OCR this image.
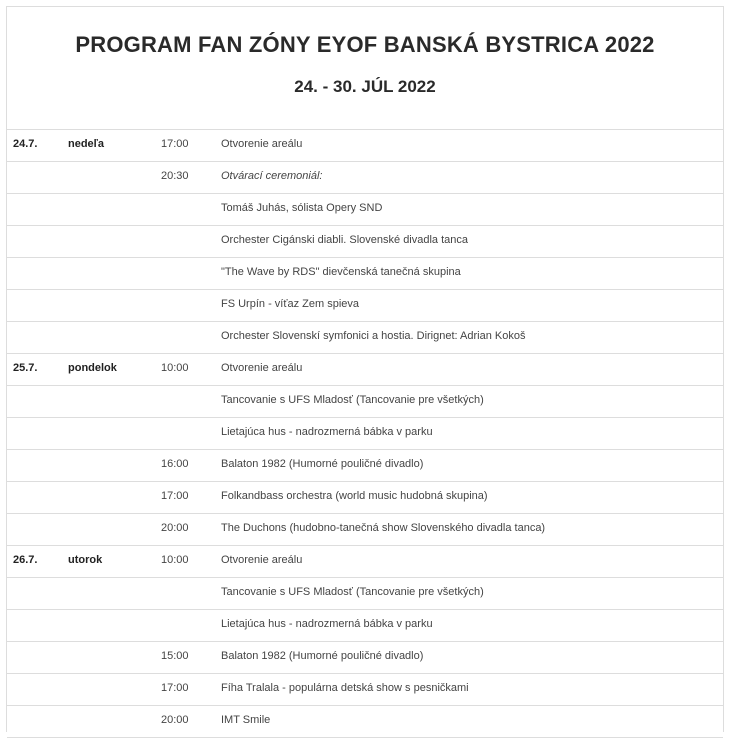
PROGRAM FAN ZÓNY EYOF BANSKÁ BYSTRICA 2022
24. - 30. JÚL 2022
24.7.	nedeľa	17:00	Otvorenie areálu
		20:30	Otvárací ceremoniál:
			Tomáš Juhás, sólista Opery SND
			Orchester Cigánski diabli. Slovenské divadla tanca
			"The Wave by RDS" dievčenská tanečná skupina
			FS Urpín - víťaz Zem spieva
			Orchester Slovenskí symfonici a hostia. Dirignet: Adrian Kokoš
25.7.	pondelok	10:00	Otvorenie areálu
			Tancovanie s UFS Mladosť (Tancovanie pre všetkých)
			Lietajúca hus - nadrozmerná bábka v parku
		16:00	Balaton 1982 (Humorné pouličné divadlo)
		17:00	Folkandbass orchestra (world music hudobná skupina)
		20:00	The Duchons (hudobno-tanečná show Slovenského divadla tanca)
26.7.	utorok	10:00	Otvorenie areálu
			Tancovanie s UFS Mladosť (Tancovanie pre všetkých)
			Lietajúca hus - nadrozmerná bábka v parku
		15:00	Balaton 1982 (Humorné pouličné divadlo)
		17:00	Fíha Tralala - populárna detská show s pesničkami
		20:00	IMT Smile
